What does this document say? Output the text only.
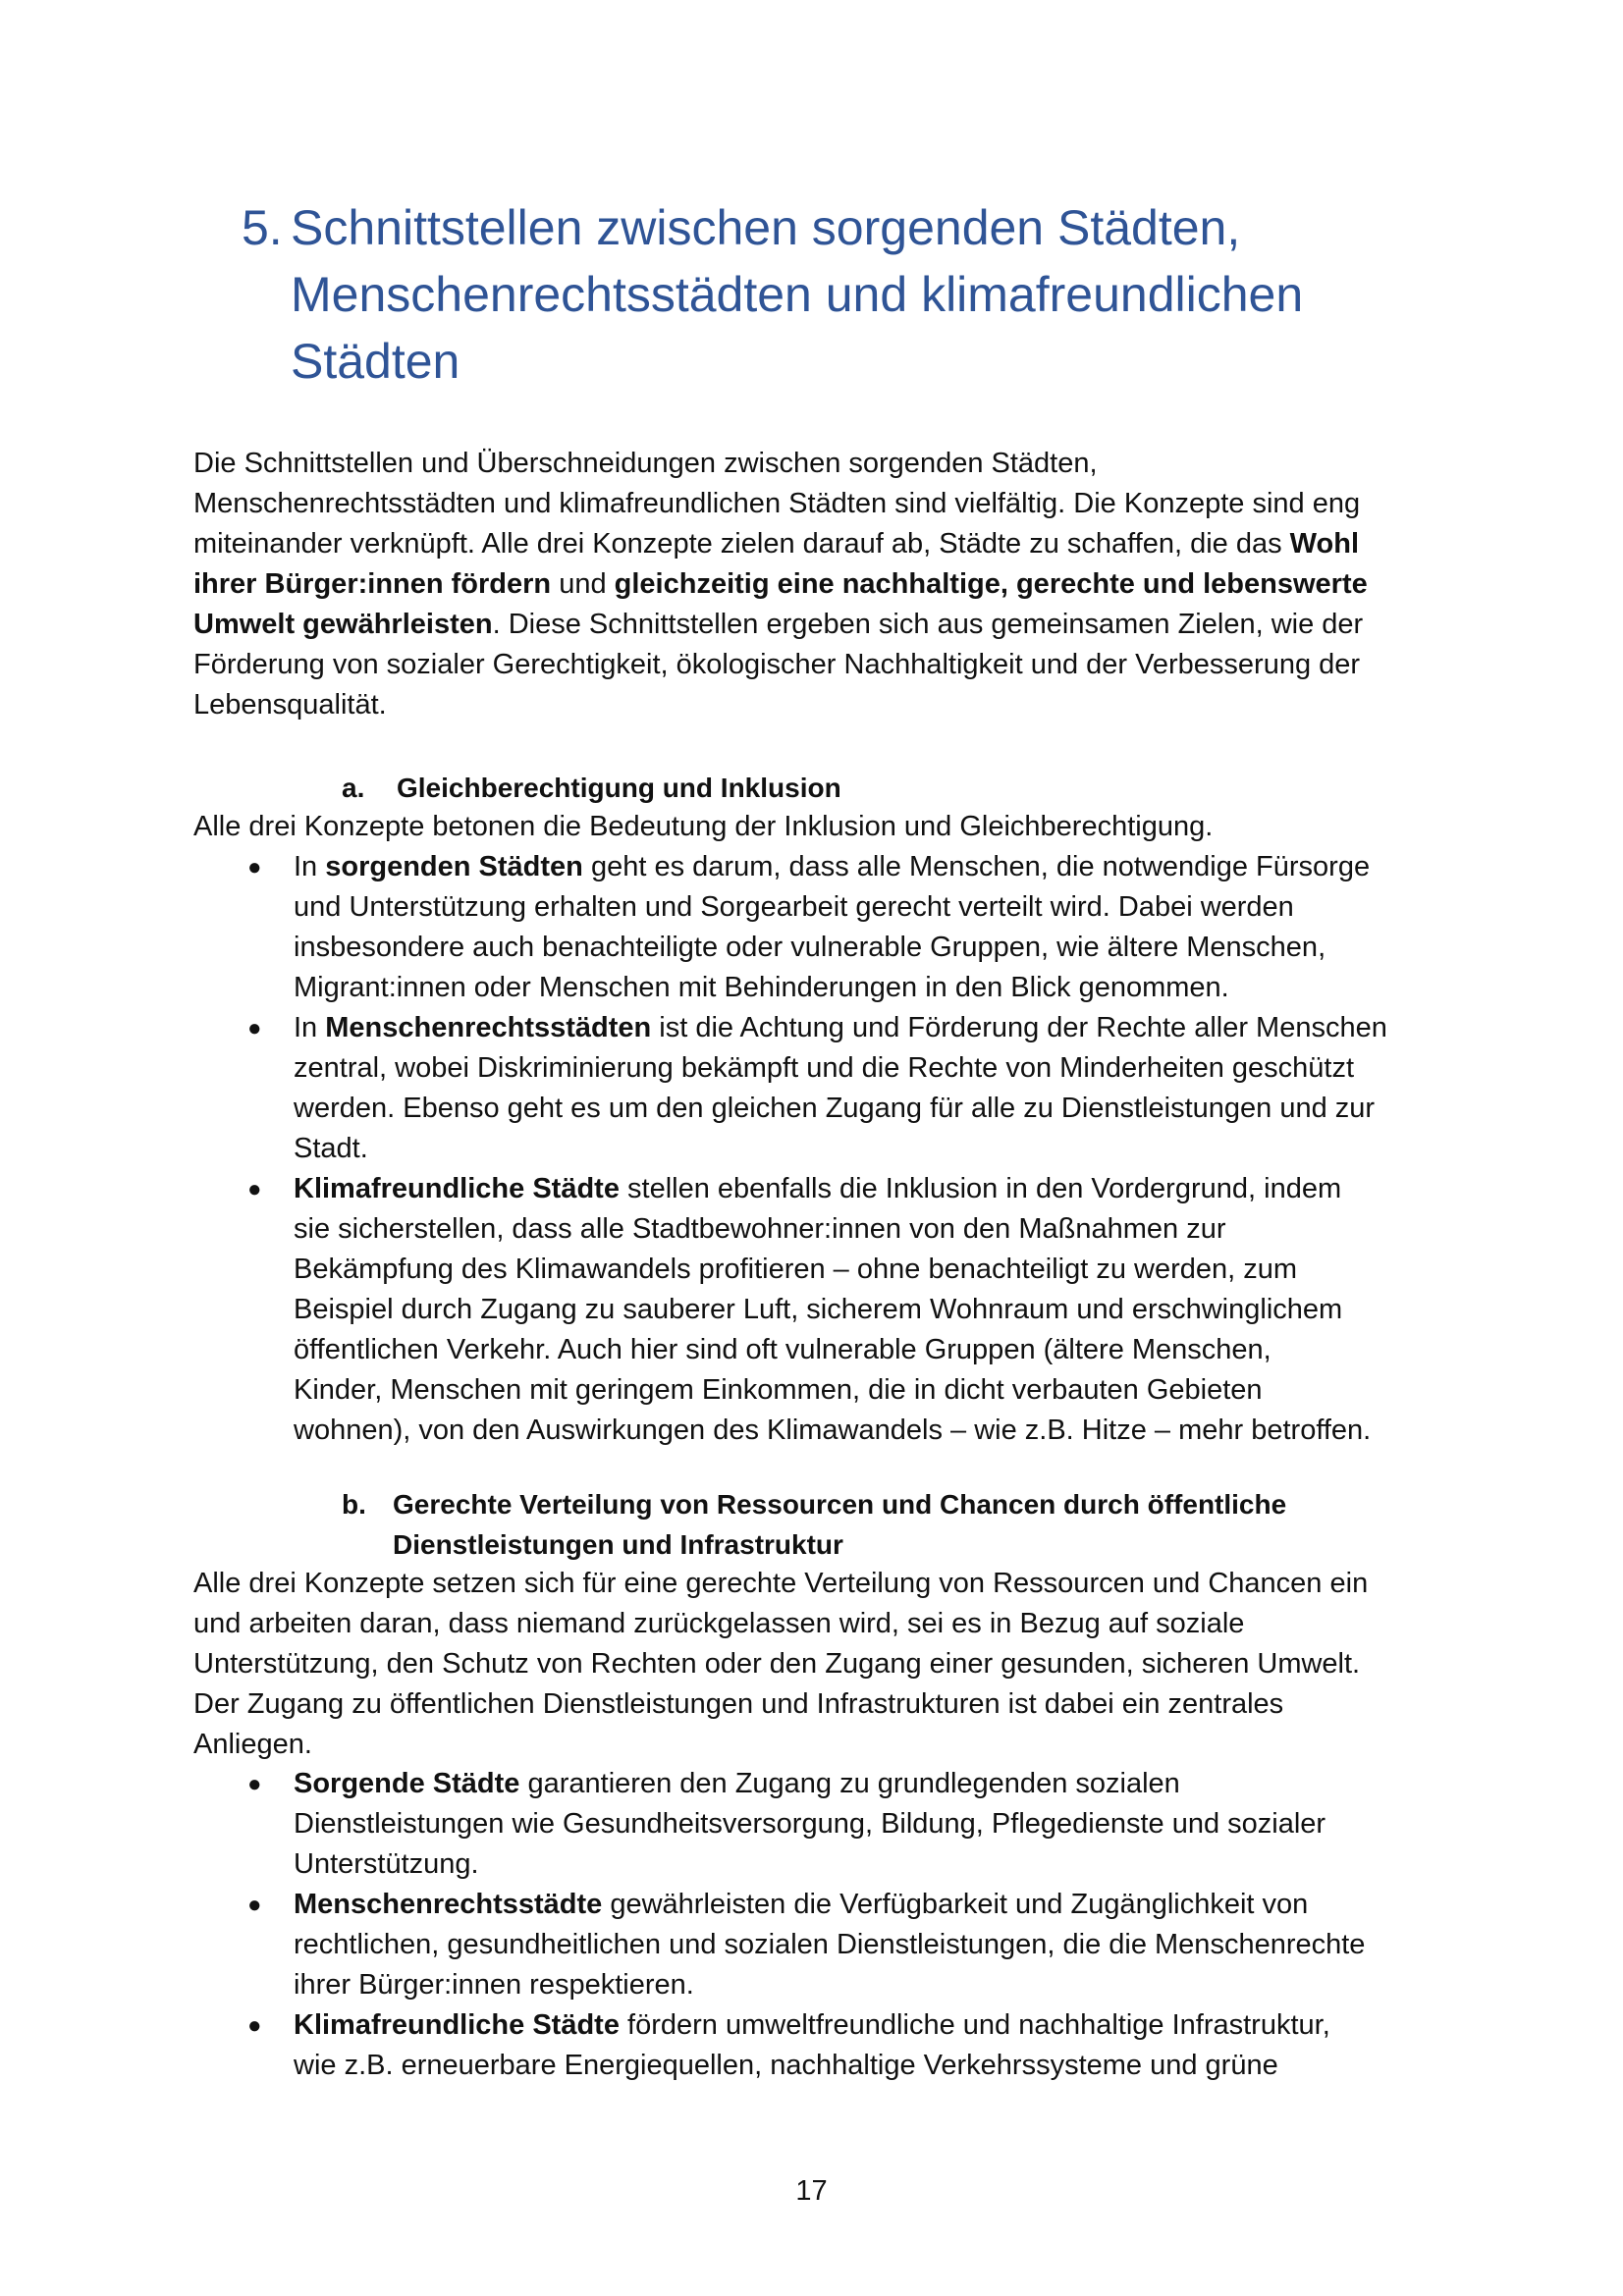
5. Schnittstellen zwischen sorgenden Städten,
Menschenrechtsstädten und klimafreundlichen
Städten

Die Schnittstellen und Überschneidungen zwischen sorgenden Städten,
Menschenrechtsstädten und klimafreundlichen Städten sind vielfältig. Die Konzepte sind eng
miteinander verknüpft. Alle drei Konzepte zielen darauf ab, Städte zu schaffen, die das Wohl
ihrer Bürger:innen fördern und gleichzeitig eine nachhaltige, gerechte und lebenswerte
Umwelt gewährleisten. Diese Schnittstellen ergeben sich aus gemeinsamen Zielen, wie der
Förderung von sozialer Gerechtigkeit, ökologischer Nachhaltigkeit und der Verbesserung der
Lebensqualität.

a.	Gleichberechtigung und Inklusion

Alle drei Konzepte betonen die Bedeutung der Inklusion und Gleichberechtigung.

● In sorgenden Städten geht es darum, dass alle Menschen, die notwendige Fürsorge
und Unterstützung erhalten und Sorgearbeit gerecht verteilt wird. Dabei werden
insbesondere auch benachteiligte oder vulnerable Gruppen, wie ältere Menschen,
Migrant:innen oder Menschen mit Behinderungen in den Blick genommen.
● In Menschenrechtsstädten ist die Achtung und Förderung der Rechte aller Menschen
zentral, wobei Diskriminierung bekämpft und die Rechte von Minderheiten geschützt
werden. Ebenso geht es um den gleichen Zugang für alle zu Dienstleistungen und zur
Stadt.
● Klimafreundliche Städte stellen ebenfalls die Inklusion in den Vordergrund, indem
sie sicherstellen, dass alle Stadtbewohner:innen von den Maßnahmen zur
Bekämpfung des Klimawandels profitieren – ohne benachteiligt zu werden, zum
Beispiel durch Zugang zu sauberer Luft, sicherem Wohnraum und erschwinglichem
öffentlichen Verkehr. Auch hier sind oft vulnerable Gruppen (ältere Menschen,
Kinder, Menschen mit geringem Einkommen, die in dicht verbauten Gebieten
wohnen), von den Auswirkungen des Klimawandels – wie z.B. Hitze – mehr betroffen.
b. Gerechte Verteilung von Ressourcen und Chancen durch öffentliche
Dienstleistungen und Infrastruktur

Alle drei Konzepte setzen sich für eine gerechte Verteilung von Ressourcen und Chancen ein
und arbeiten daran, dass niemand zurückgelassen wird, sei es in Bezug auf soziale
Unterstützung, den Schutz von Rechten oder den Zugang einer gesunden, sicheren Umwelt.
Der Zugang zu öffentlichen Dienstleistungen und Infrastrukturen ist dabei ein zentrales
Anliegen.

● Sorgende Städte garantieren den Zugang zu grundlegenden sozialen
Dienstleistungen wie Gesundheitsversorgung, Bildung, Pflegedienste und sozialer
Unterstützung.
● Menschenrechtsstädte gewährleisten die Verfügbarkeit und Zugänglichkeit von
rechtlichen, gesundheitlichen und sozialen Dienstleistungen, die die Menschenrechte
ihrer Bürger:innen respektieren.
● Klimafreundliche Städte fördern umweltfreundliche und nachhaltige Infrastruktur,
wie z.B. erneuerbare Energiequellen, nachhaltige Verkehrssysteme und grüne
17
